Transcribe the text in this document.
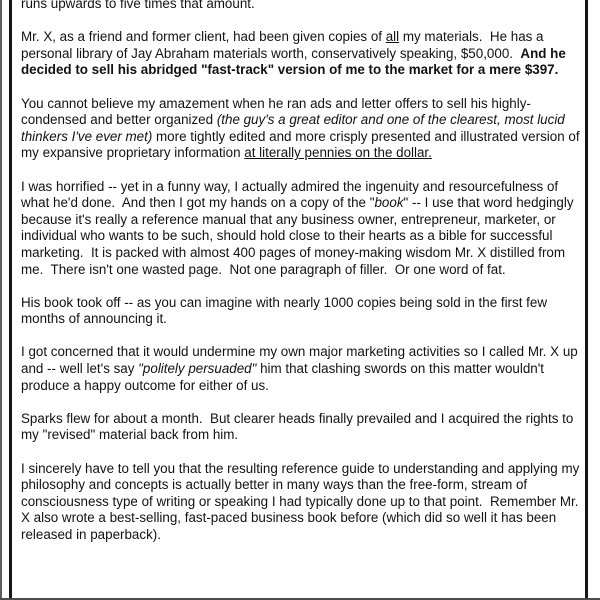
runs upwards to five times that amount.

Mr. X, as a friend and former client, had been given copies of all my materials.  He has a personal library of Jay Abraham materials worth, conservatively speaking, $50,000.  And he decided to sell his abridged "fast-track" version of me to the market for a mere $397.

You cannot believe my amazement when he ran ads and letter offers to sell his highly-condensed and better organized (the guy's a great editor and one of the clearest, most lucid thinkers I've ever met) more tightly edited and more crisply presented and illustrated version of my expansive proprietary information at literally pennies on the dollar.

I was horrified -- yet in a funny way, I actually admired the ingenuity and resourcefulness of what he'd done.  And then I got my hands on a copy of the "book" -- I use that word hedgingly because it's really a reference manual that any business owner, entrepreneur, marketer, or individual who wants to be such, should hold close to their hearts as a bible for successful marketing.  It is packed with almost 400 pages of money-making wisdom Mr. X distilled from me.  There isn't one wasted page.  Not one paragraph of filler.  Or one word of fat.

His book took off -- as you can imagine with nearly 1000 copies being sold in the first few months of announcing it.

I got concerned that it would undermine my own major marketing activities so I called Mr. X up and -- well let's say "politely persuaded" him that clashing swords on this matter wouldn't produce a happy outcome for either of us.

Sparks flew for about a month.  But clearer heads finally prevailed and I acquired the rights to my "revised" material back from him.

I sincerely have to tell you that the resulting reference guide to understanding and applying my philosophy and concepts is actually better in many ways than the free-form, stream of consciousness type of writing or speaking I had typically done up to that point.  Remember Mr. X also wrote a best-selling, fast-paced business book before (which did so well it has been released in paperback).
